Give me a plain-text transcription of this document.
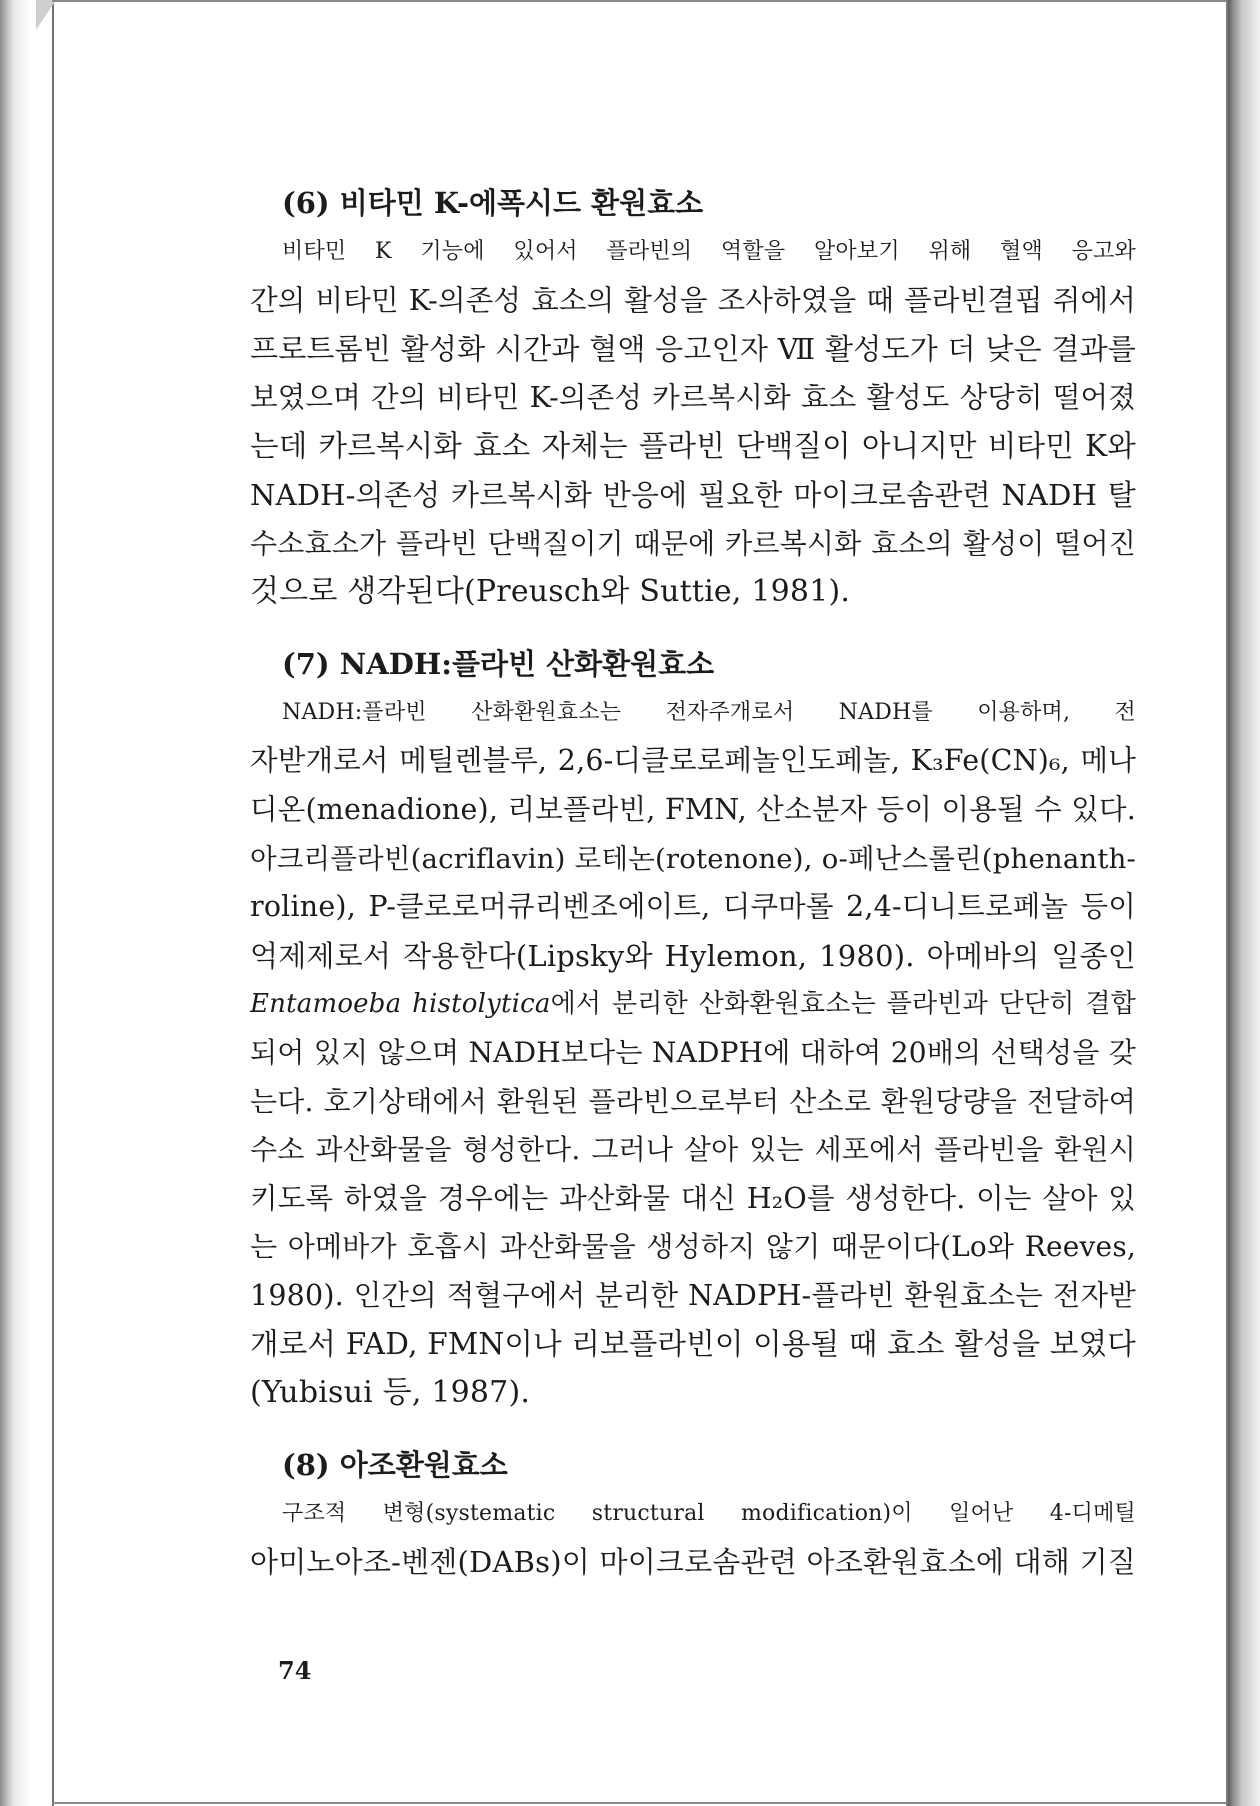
(6) 비타민 K-에폭시드 환원효소

비타민 K 기능에 있어서 플라빈의 역할을 알아보기 위해 혈액 응고와
간의 비타민 K-의존성 효소의 활성을 조사하였을 때 플라빈결핍 쥐에서
프로트롬빈 활성화 시간과 혈액 응고인자 Ⅶ 활성도가 더 낮은 결과를
보였으며 간의 비타민 K-의존성 카르복시화 효소 활성도 상당히 떨어졌
는데 카르복시화 효소 자체는 플라빈 단백질이 아니지만 비타민 K와
NADH-의존성 카르복시화 반응에 필요한 마이크로솜관련 NADH 탈
수소효소가 플라빈 단백질이기 때문에 카르복시화 효소의 활성이 떨어진
것으로 생각된다(Preusch와 Suttie, 1981).

(7) NADH:플라빈 산화환원효소

NADH:플라빈 산화환원효소는 전자주개로서 NADH를 이용하며, 전
자받개로서 메틸렌블루, 2,6-디클로로페놀인도페놀, K₃Fe(CN)₆, 메나
디온(menadione), 리보플라빈, FMN, 산소분자 등이 이용될 수 있다.
아크리플라빈(acriflavin) 로테논(rotenone), o-페난스롤린(phenanth-
roline), P-클로로머큐리벤조에이트, 디쿠마롤 2,4-디니트로페놀 등이
억제제로서 작용한다(Lipsky와 Hylemon, 1980). 아메바의 일종인
Entamoeba histolytica에서 분리한 산화환원효소는 플라빈과 단단히 결합
되어 있지 않으며 NADH보다는 NADPH에 대하여 20배의 선택성을 갖
는다. 호기상태에서 환원된 플라빈으로부터 산소로 환원당량을 전달하여
수소 과산화물을 형성한다. 그러나 살아 있는 세포에서 플라빈을 환원시
키도록 하였을 경우에는 과산화물 대신 H₂O를 생성한다. 이는 살아 있
는 아메바가 호흡시 과산화물을 생성하지 않기 때문이다(Lo와 Reeves,
1980). 인간의 적혈구에서 분리한 NADPH-플라빈 환원효소는 전자받
개로서 FAD, FMN이나 리보플라빈이 이용될 때 효소 활성을 보였다
(Yubisui 등, 1987).

(8) 아조환원효소

구조적 변형(systematic structural modification)이 일어난 4-디메틸
아미노아조-벤젠(DABs)이 마이크로솜관련 아조환원효소에 대해 기질

74
